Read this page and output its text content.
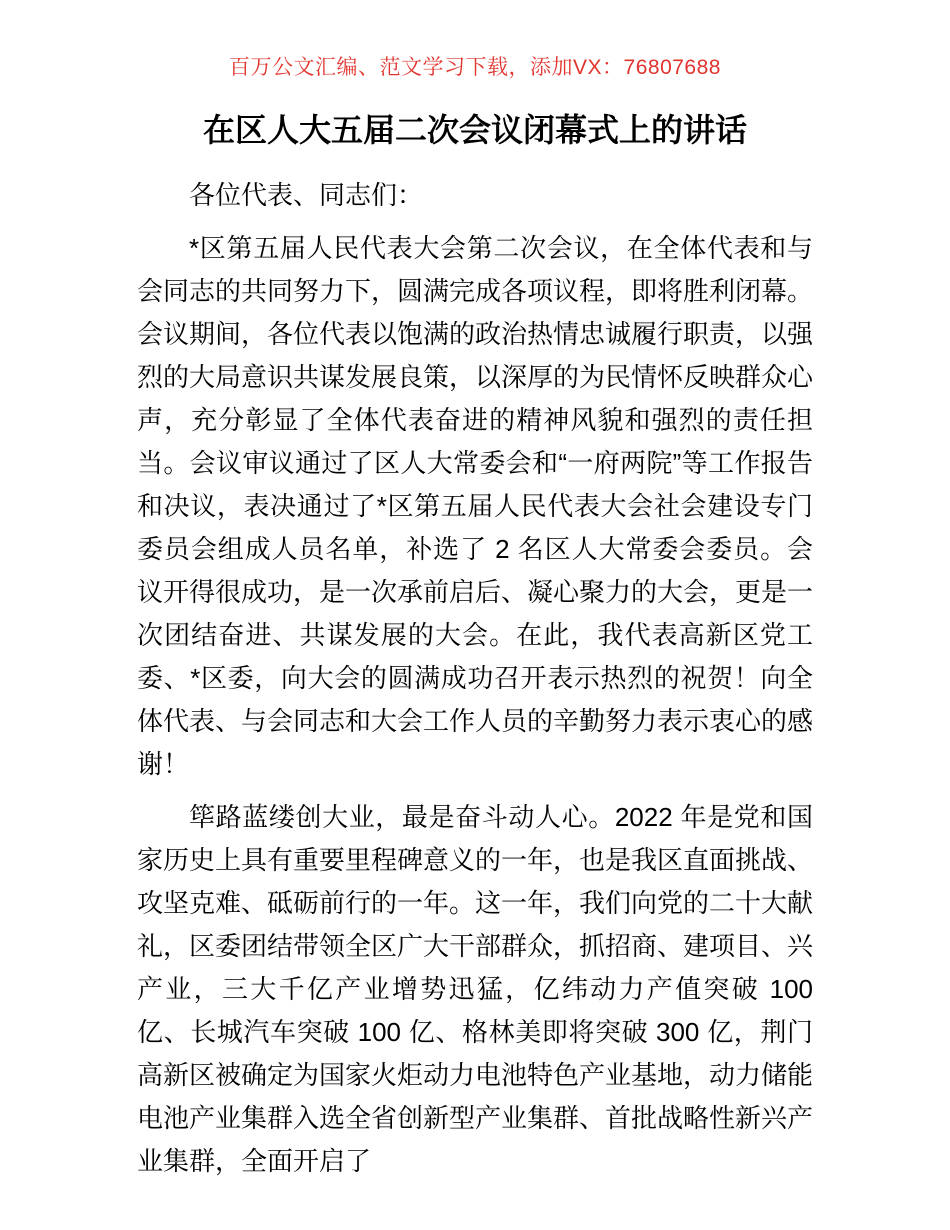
百万公文汇编、范文学习下载，添加VX：76807688
在区人大五届二次会议闭幕式上的讲话

各位代表、同志们：

*区第五届人民代表大会第二次会议，在全体代表和与会同志的共同努力下，圆满完成各项议程，即将胜利闭幕。会议期间，各位代表以饱满的政治热情忠诚履行职责，以强烈的大局意识共谋发展良策，以深厚的为民情怀反映群众心声，充分彰显了全体代表奋进的精神风貌和强烈的责任担当。会议审议通过了区人大常委会和“一府两院”等工作报告和决议，表决通过了*区第五届人民代表大会社会建设专门委员会组成人员名单，补选了 2 名区人大常委会委员。会议开得很成功，是一次承前启后、凝心聚力的大会，更是一次团结奋进、共谋发展的大会。在此，我代表高新区党工委、*区委，向大会的圆满成功召开表示热烈的祝贺！向全体代表、与会同志和大会工作人员的辛勤努力表示衷心的感谢！

筚路蓝缕创大业，最是奋斗动人心。2022 年是党和国家历史上具有重要里程碑意义的一年，也是我区直面挑战、攻坚克难、砥砺前行的一年。这一年，我们向党的二十大献礼，区委团结带领全区广大干部群众，抓招商、建项目、兴产业，三大千亿产业增势迅猛，亿纬动力产值突破 100 亿、长城汽车突破 100 亿、格林美即将突破 300 亿，荆门高新区被确定为国家火炬动力电池特色产业基地，动力储能电池产业集群入选全省创新型产业集群、首批战略性新兴产业集群，全面开启了
